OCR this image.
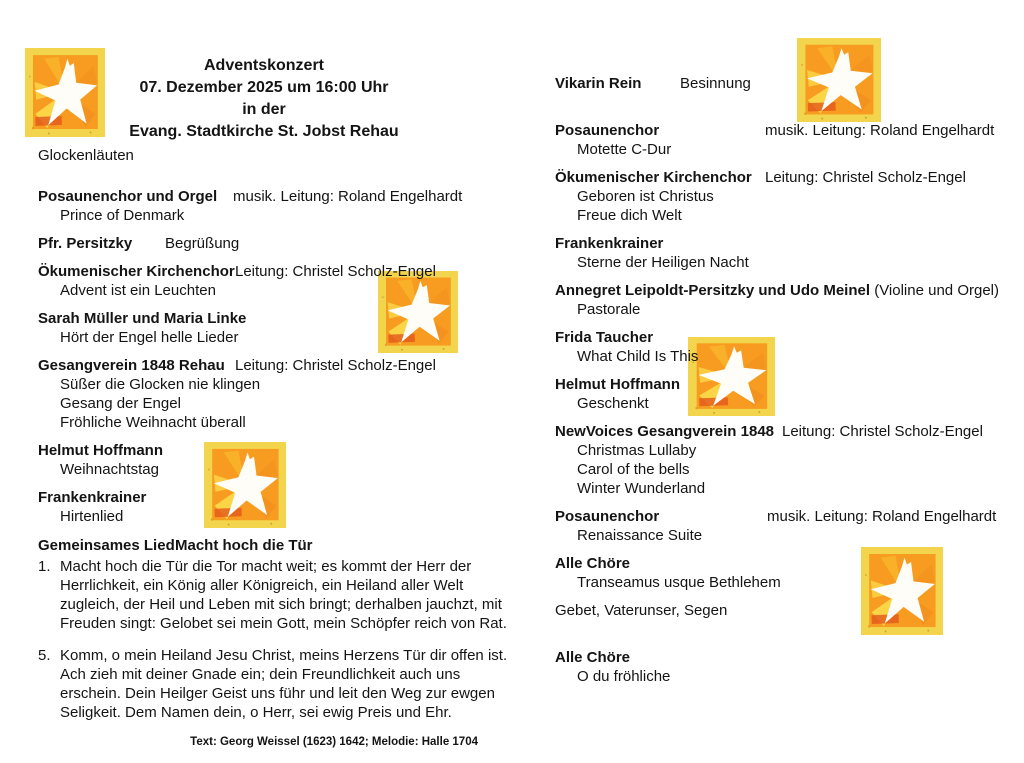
Adventskonzert
07. Dezember 2025 um 16:00 Uhr
in der
Evang. Stadtkirche St. Jobst Rehau
Glockenläuten
Posaunenchor und Orgel musik. Leitung: Roland Engelhardt
Prince of Denmark
Pfr. Persitzky Begrüßung
Ökumenischer Kirchenchor Leitung: Christel Scholz-Engel
Advent ist ein Leuchten
Sarah Müller und Maria Linke
Hört der Engel helle Lieder
Gesangverein 1848 Rehau Leitung: Christel Scholz-Engel
Süßer die Glocken nie klingen
Gesang der Engel
Fröhliche Weihnacht überall
Helmut Hoffmann
Weihnachtstag
Frankenkrainer
Hirtenlied
Gemeinsames Lied Macht hoch die Tür
1. Macht hoch die Tür die Tor macht weit; es kommt der Herr der
Herrlichkeit, ein König aller Königreich, ein Heiland aller Welt
zugleich, der Heil und Leben mit sich bringt; derhalben jauchzt, mit
Freuden singt: Gelobet sei mein Gott, mein Schöpfer reich von Rat.
5. Komm, o mein Heiland Jesu Christ, meins Herzens Tür dir offen ist.
Ach zieh mit deiner Gnade ein; dein Freundlichkeit auch uns
erschein. Dein Heilger Geist uns führ und leit den Weg zur ewgen
Seligkeit. Dem Namen dein, o Herr, sei ewig Preis und Ehr.
Text: Georg Weissel (1623) 1642; Melodie: Halle 1704
Vikarin Rein	Besinnung
Posaunenchor	musik. Leitung: Roland Engelhardt
Motette C-Dur
Ökumenischer Kirchenchor Leitung: Christel Scholz-Engel
Geboren ist Christus
Freue dich Welt
Frankenkrainer
Sterne der Heiligen Nacht
Annegret Leipoldt-Persitzky und Udo Meinel (Violine und Orgel)
Pastorale
Frida Taucher
What Child Is This
Helmut Hoffmann
Geschenkt
NewVoices Gesangverein 1848 Leitung: Christel Scholz-Engel
Christmas Lullaby
Carol of the bells
Winter Wunderland
Posaunenchor	musik. Leitung: Roland Engelhardt
Renaissance Suite
Alle Chöre
Transeamus usque Bethlehem
Gebet, Vaterunser, Segen
Alle Chöre
O du fröhliche
